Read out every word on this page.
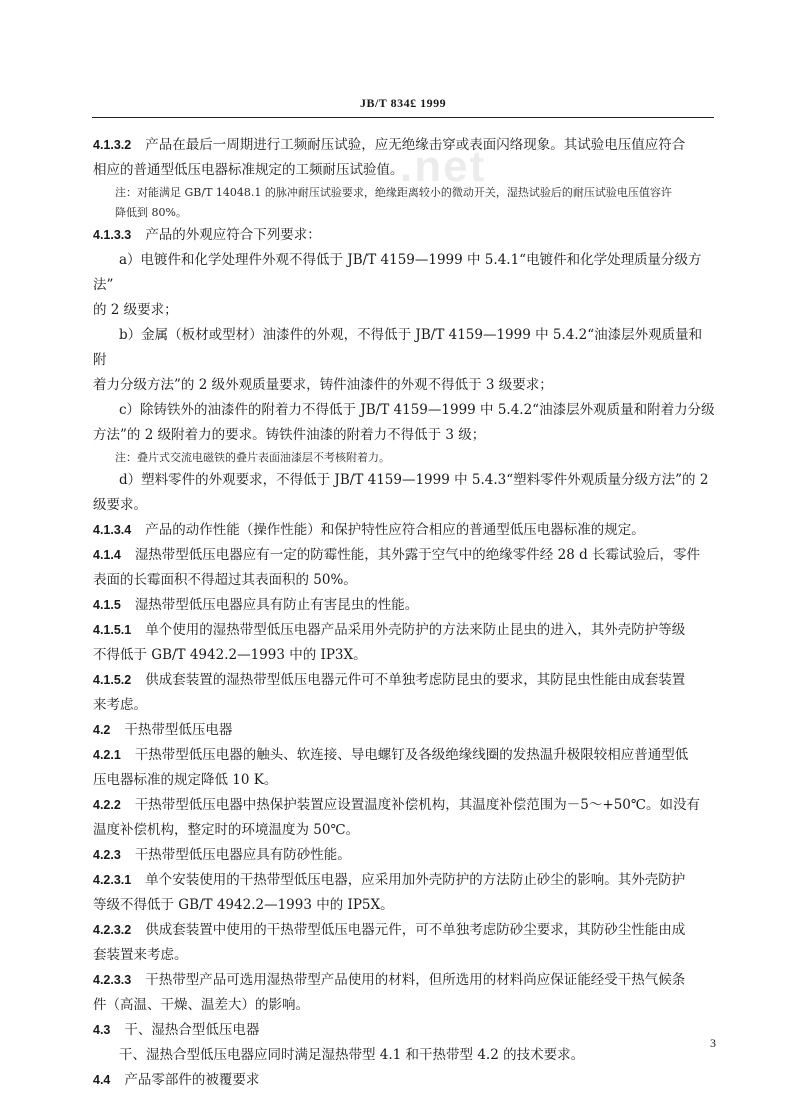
JB/T 834£ 1999
.net
4.1.3.2 产品在最后一周期进行工频耐压试验，应无绝缘击穿或表面闪络现象。其试验电压值应符合
相应的普通型低压电器标准规定的工频耐压试验值。
注：对能满足 GB/T 14048.1 的脉冲耐压试验要求，绝缘距离较小的微动开关，湿热试验后的耐压试验电压值容许
降低到 80%。
4.1.3.3 产品的外观应符合下列要求：
a）电镀件和化学处理件外观不得低于 JB/T 4159—1999 中 5.4.1“电镀件和化学处理质量分级方法”
的 2 级要求；
b）金属（板材或型材）油漆件的外观，不得低于 JB/T 4159—1999 中 5.4.2“油漆层外观质量和附
着力分级方法”的 2 级外观质量要求，铸件油漆件的外观不得低于 3 级要求；
c）除铸铁外的油漆件的附着力不得低于 JB/T 4159—1999 中 5.4.2“油漆层外观质量和附着力分级
方法”的 2 级附着力的要求。铸铁件油漆的附着力不得低于 3 级；
注：叠片式交流电磁铁的叠片表面油漆层不考核附着力。
d）塑料零件的外观要求，不得低于 JB/T 4159—1999 中 5.4.3“塑料零件外观质量分级方法”的 2
级要求。
4.1.3.4 产品的动作性能（操作性能）和保护特性应符合相应的普通型低压电器标准的规定。
4.1.4 湿热带型低压电器应有一定的防霉性能，其外露于空气中的绝缘零件经 28 d 长霉试验后，零件
表面的长霉面积不得超过其表面积的 50%。
4.1.5 湿热带型低压电器应具有防止有害昆虫的性能。
4.1.5.1 单个使用的湿热带型低压电器产品采用外壳防护的方法来防止昆虫的进入，其外壳防护等级
不得低于 GB/T 4942.2—1993 中的 IP3X。
4.1.5.2 供成套装置的湿热带型低压电器元件可不单独考虑防昆虫的要求，其防昆虫性能由成套装置
来考虑。
4.2 干热带型低压电器
4.2.1 干热带型低压电器的触头、软连接、导电螺钉及各级绝缘线圈的发热温升极限较相应普通型低
压电器标准的规定降低 10 K。
4.2.2 干热带型低压电器中热保护装置应设置温度补偿机构，其温度补偿范围为－5～+50℃。如没有
温度补偿机构，整定时的环境温度为 50℃。
4.2.3 干热带型低压电器应具有防砂性能。
4.2.3.1 单个安装使用的干热带型低压电器，应采用加外壳防护的方法防止砂尘的影响。其外壳防护
等级不得低于 GB/T 4942.2—1993 中的 IP5X。
4.2.3.2 供成套装置中使用的干热带型低压电器元件，可不单独考虑防砂尘要求，其防砂尘性能由成
套装置来考虑。
4.2.3.3 干热带型产品可选用湿热带型产品使用的材料，但所选用的材料尚应保证能经受干热气候条
件（高温、干燥、温差大）的影响。
4.3 干、湿热合型低压电器
干、湿热合型低压电器应同时满足湿热带型 4.1 和干热带型 4.2 的技术要求。
4.4 产品零部件的被覆要求
3
